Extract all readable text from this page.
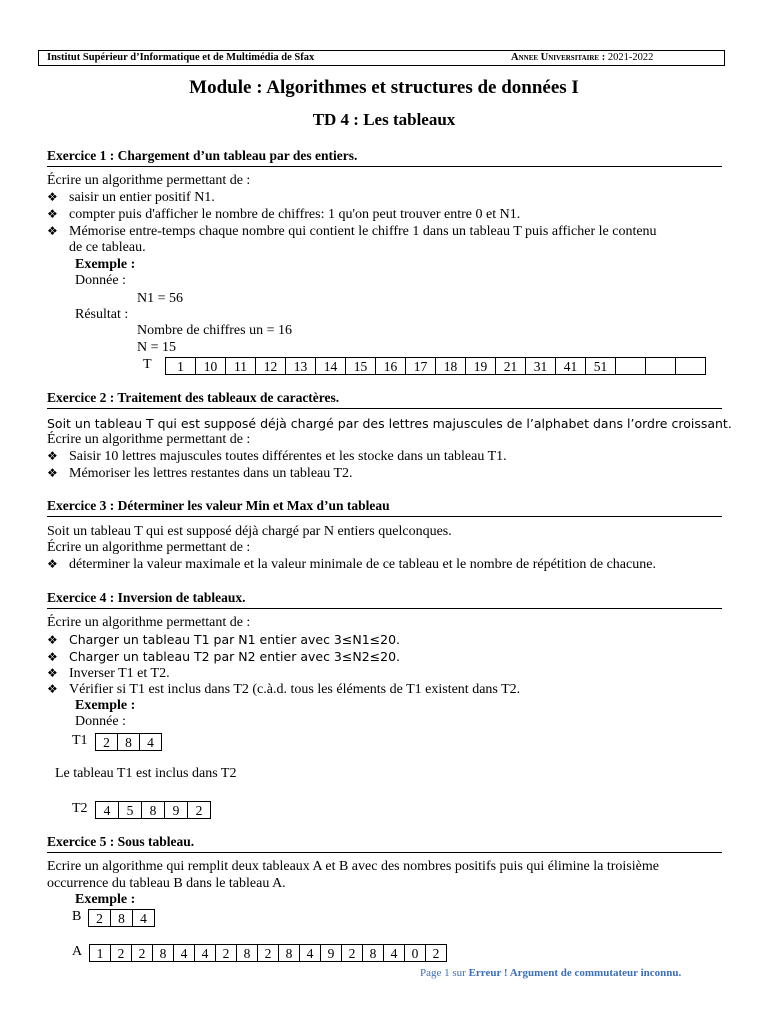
Institut Supérieur d’Informatique et de Multimédia de Sfax	Annee Universitaire : 2021-2022
Module : Algorithmes et structures de données I
TD 4 : Les tableaux
Exercice 1 : Chargement d’un tableau par des entiers.
Écrire un algorithme permettant de :
❖ saisir un entier positif N1.
❖ compter puis d'afficher le nombre de chiffres: 1 qu'on peut trouver entre 0 et N1.
❖ Mémorise entre-temps chaque nombre qui contient le chiffre 1 dans un tableau T puis afficher le contenu
de ce tableau.
Exemple :
Donnée :
N1 = 56
Résultat :
Nombre de chiffres un = 16
N = 15
T	1	10	11	12	13	14	15	16	17	18	19	21	31	41	51
Exercice 2 : Traitement des tableaux de caractères.
Soit un tableau T qui est supposé déjà chargé par des lettres majuscules de l’alphabet dans l’ordre croissant.
Écrire un algorithme permettant de :
❖ Saisir 10 lettres majuscules toutes différentes et les stocke dans un tableau T1.
❖ Mémoriser les lettres restantes dans un tableau T2.
Exercice 3 : Déterminer les valeur Min et Max d’un tableau
Soit un tableau T qui est supposé déjà chargé par N entiers quelconques.
Écrire un algorithme permettant de :
❖ déterminer la valeur maximale et la valeur minimale de ce tableau et le nombre de répétition de chacune.
Exercice 4 : Inversion de tableaux.
Écrire un algorithme permettant de :
❖ Charger un tableau T1 par N1 entier avec 3≤N1≤20.
❖ Charger un tableau T2 par N2 entier avec 3≤N2≤20.
❖ Inverser T1 et T2.
❖ Vérifier si T1 est inclus dans T2 (c.à.d. tous les éléments de T1 existent dans T2.
Exemple :
Donnée :
T1	2	8	4
Le tableau T1 est inclus dans T2
T2	4	5	8	9	2
Exercice 5 : Sous tableau.
Ecrire un algorithme qui remplit deux tableaux A et B avec des nombres positifs puis qui élimine la troisième
occurrence du tableau B dans le tableau A.
Exemple :
B	2	8	4
A	1	2	2	8	4	4	2	8	2	8	4	9	2	8	4	0	2
Page 1 sur Erreur ! Argument de commutateur inconnu.
